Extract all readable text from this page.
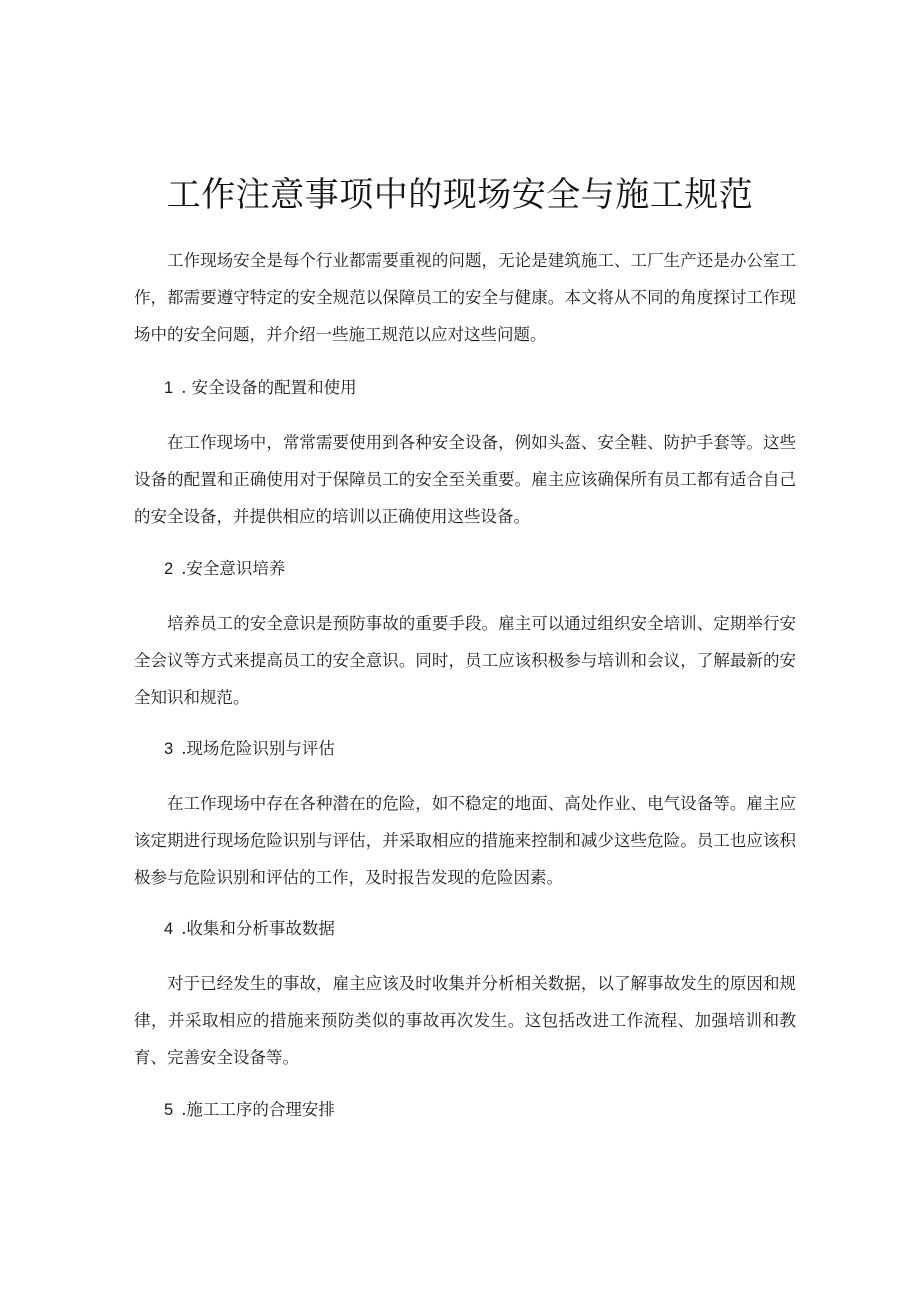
工作注意事项中的现场安全与施工规范

工作现场安全是每个行业都需要重视的问题，无论是建筑施工、工厂生产还是办公室工作，都需要遵守特定的安全规范以保障员工的安全与健康。本文将从不同的角度探讨工作现场中的安全问题，并介绍一些施工规范以应对这些问题。

1 . 安全设备的配置和使用

在工作现场中，常常需要使用到各种安全设备，例如头盔、安全鞋、防护手套等。这些设备的配置和正确使用对于保障员工的安全至关重要。雇主应该确保所有员工都有适合自己的安全设备，并提供相应的培训以正确使用这些设备。

2 .安全意识培养

培养员工的安全意识是预防事故的重要手段。雇主可以通过组织安全培训、定期举行安全会议等方式来提高员工的安全意识。同时，员工应该积极参与培训和会议，了解最新的安全知识和规范。

3 .现场危险识别与评估

在工作现场中存在各种潜在的危险，如不稳定的地面、高处作业、电气设备等。雇主应该定期进行现场危险识别与评估，并采取相应的措施来控制和减少这些危险。员工也应该积极参与危险识别和评估的工作，及时报告发现的危险因素。

4 .收集和分析事故数据

对于已经发生的事故，雇主应该及时收集并分析相关数据，以了解事故发生的原因和规律，并采取相应的措施来预防类似的事故再次发生。这包括改进工作流程、加强培训和教育、完善安全设备等。

5 .施工工序的合理安排
